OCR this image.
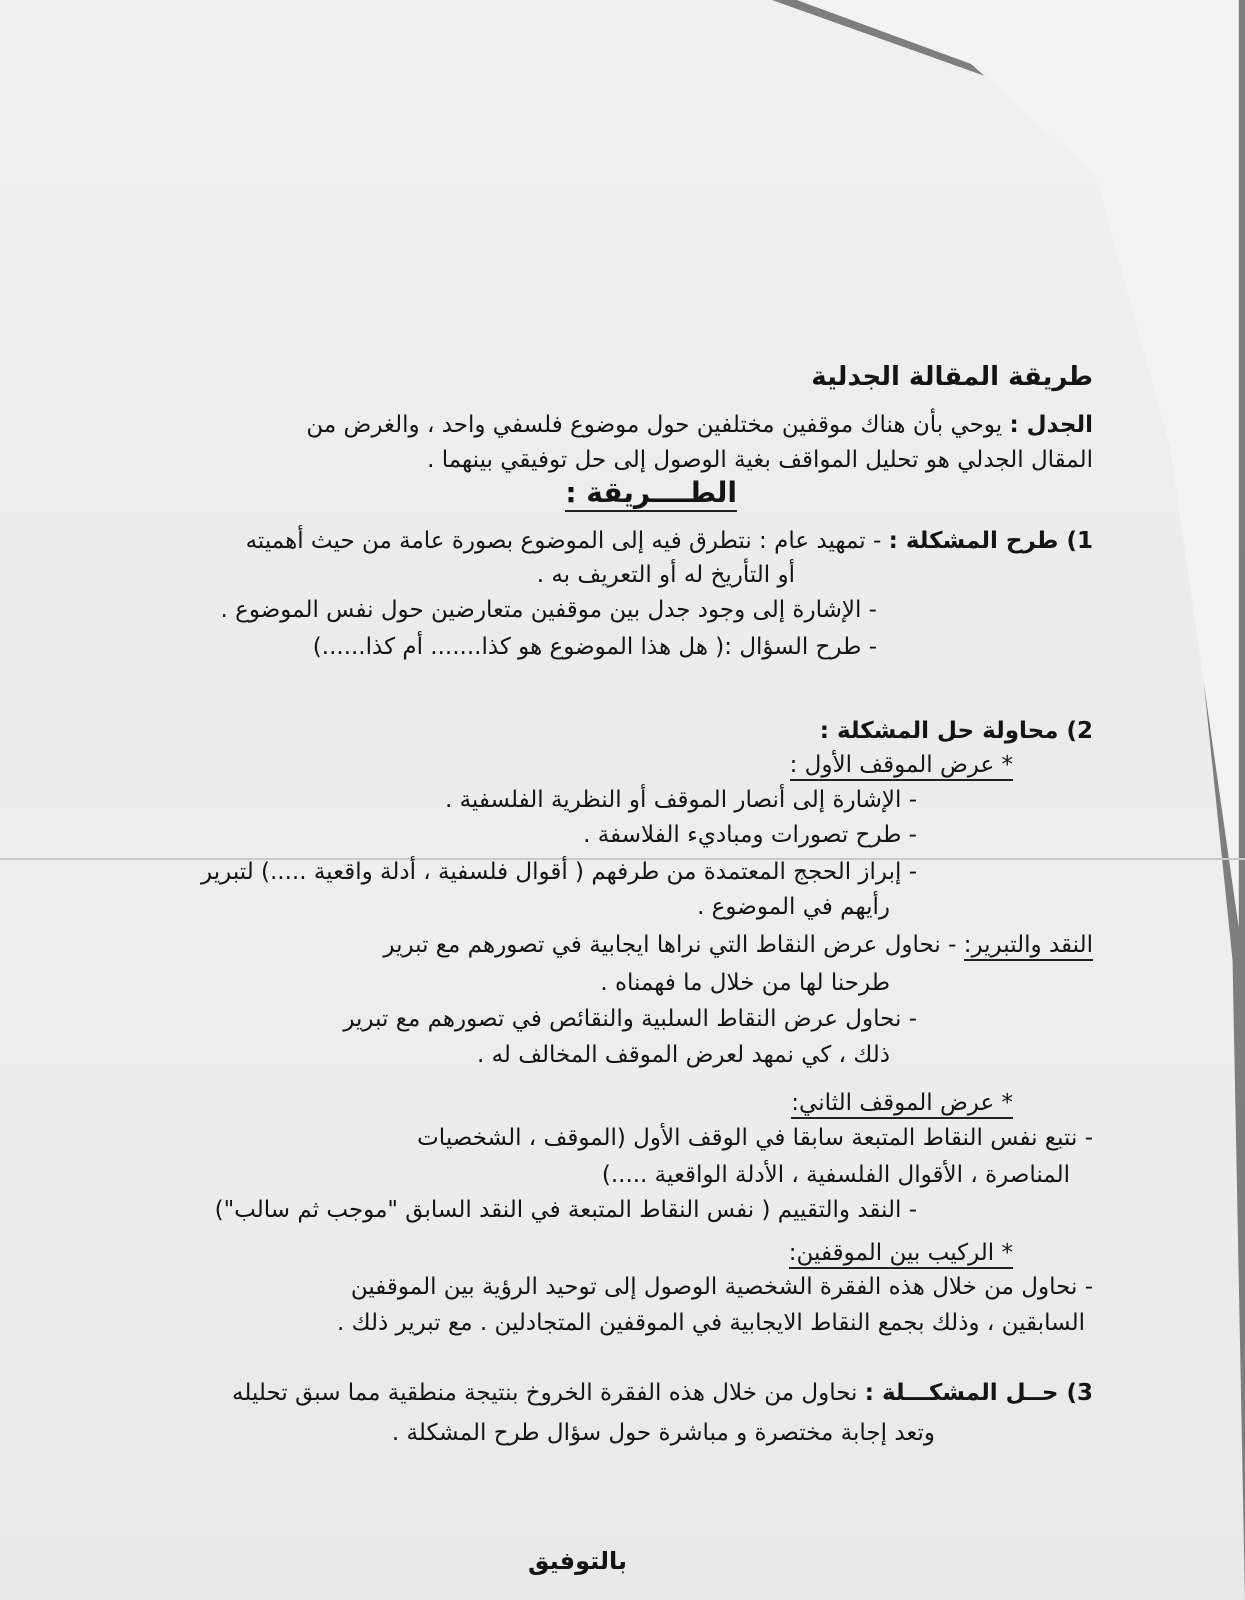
طريقة المقالة الجدلية
الجدل : يوحي بأن هناك موقفين مختلفين حول موضوع فلسفي واحد ، والغرض من
المقال الجدلي هو تحليل المواقف بغية الوصول إلى حل توفيقي بينهما .
الطــــريقة :
1) طرح المشكلة : - تمهيد عام : نتطرق فيه إلى الموضوع بصورة عامة من حيث أهميته
أو التأريخ له أو التعريف به .
- الإشارة إلى وجود جدل بين موقفين متعارضين حول نفس الموضوع .
- طرح السؤال :( هل هذا الموضوع هو كذا....... أم كذا......)
2) محاولة حل المشكلة :
* عرض الموقف الأول :
- الإشارة إلى أنصار الموقف أو النظرية الفلسفية .
- طرح تصورات ومباديء الفلاسفة .
- إبراز الحجج المعتمدة من طرفهم ( أقوال فلسفية ، أدلة واقعية .....) لتبرير
رأيهم في الموضوع .
النقد والتبرير: - نحاول عرض النقاط التي نراها ايجابية في تصورهم مع تبرير
طرحنا لها من خلال ما فهمناه .
- نحاول عرض النقاط السلبية والنقائص في تصورهم مع تبرير
ذلك ، كي نمهد لعرض الموقف المخالف له .
* عرض الموقف الثاني:
- نتبع نفس النقاط المتبعة سابقا في الوقف الأول (الموقف ، الشخصيات
المناصرة ، الأقوال الفلسفية ، الأدلة الواقعية .....)
- النقد والتقييم ( نفس النقاط المتبعة في النقد السابق "موجب ثم سالب")
* الركيب بين الموقفين:
- نحاول من خلال هذه الفقرة الشخصية الوصول إلى توحيد الرؤية بين الموقفين
السابقين ، وذلك بجمع النقاط الايجابية في الموقفين المتجادلين . مع تبرير ذلك .
3) حــل المشكـــلة : نحاول من خلال هذه الفقرة الخروخ بنتيجة منطقية مما سبق تحليله
وتعد إجابة مختصرة و مباشرة حول سؤال طرح المشكلة .
بالتوفيق
